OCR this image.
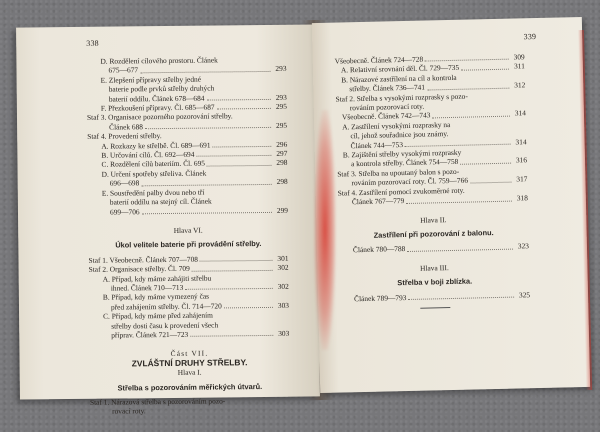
338
D. Rozdělení cílového prostoru. Článek
675—677	293
E. Zlepšení přípravy střelby jedné
baterie podle prvků střelby druhých
baterií oddílu. Článek 678—684	293
F. Přezkoušení přípravy. Čl. 685—687	295
Staf 3. Organisace pozorného pozorování střelby.
Článek 688	295
Staf 4. Provedení střelby.
A. Rozkazy ke střelbě. Čl. 689—691	296
B. Určování cílů. Čl. 692—694	297
C. Rozdělení cílů bateriím. Čl. 695	298
D. Určení spotřeby střeliva. Článek
696—698	298
E. Soustředění palby dvou nebo tří
baterií oddílu na stejný cíl. Článek
699—706	299
Hlava VI.
Úkol velitele baterie při provádění střelby.
Staf 1. Všeobecně. Článek 707—708	301
Staf 2. Organisace střelby. Čl. 709	302
A. Případ, kdy máme zahájiti střelbu
ihned. Článek 710—713	302
B. Případ, kdy máme vymezený čas
před zahájením střelby. Čl. 714—720	303
C. Případ, kdy máme před zahájením
střelby dosti času k provedení všech
příprav. Článek 721—723	303
Část VII.
ZVLÁŠTNÍ DRUHY STŘELBY.
Hlava I.
Střelba s pozorováním měřických útvarů.
Staf 1. Nárazová střelba s pozorováním pozo-
rovací roty.
339
Všeobecně. Článek 724—728	309
A. Relativní srovnání děl. Čl. 729—735	311
B. Nárazové zastřílení na cíl a kontrola
střelby. Článek 736—741	312
Staf 2. Střelba s vysokými rozprasky s pozo-
rováním pozorovací roty.
Všeobecně. Článek 742—743	314
A. Zastřílení vysokými rozprasky na
cíl, jehož souřadnice jsou známy.
Článek 744—753	314
B. Zajištění střelby vysokými rozprasky
a kontrola střelby. Článek 754—758	316
Staf 3. Střelba na upoutaný balon s pozo-
rováním pozorovací roty. Čl. 759—766	317
Staf 4. Zastřílení pomocí zvukoměrné roty.
Článek 767—779	318
Hlava II.
Zastřílení při pozorování z balonu.
Článek 780—788	323
Hlava III.
Střelba v boji zblízka.
Článek 789—793	325
